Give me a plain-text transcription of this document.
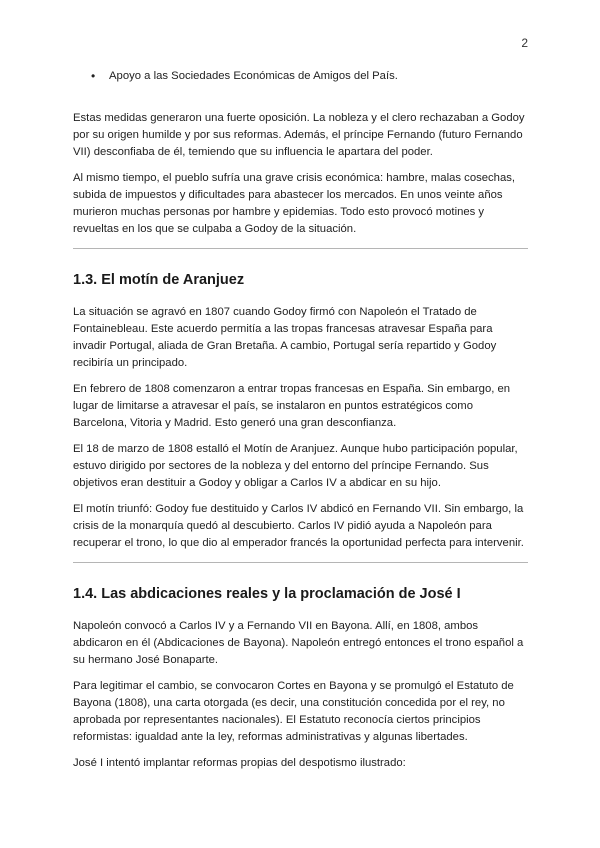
2
• Apoyo a las Sociedades Económicas de Amigos del País.

Estas medidas generaron una fuerte oposición. La nobleza y el clero rechazaban a Godoy por su origen humilde y por sus reformas. Además, el príncipe Fernando (futuro Fernando VII) desconfiaba de él, temiendo que su influencia le apartara del poder.

Al mismo tiempo, el pueblo sufría una grave crisis económica: hambre, malas cosechas, subida de impuestos y dificultades para abastecer los mercados. En unos veinte años murieron muchas personas por hambre y epidemias. Todo esto provocó motines y revueltas en los que se culpaba a Godoy de la situación.

1.3. El motín de Aranjuez

La situación se agravó en 1807 cuando Godoy firmó con Napoleón el Tratado de Fontainebleau. Este acuerdo permitía a las tropas francesas atravesar España para invadir Portugal, aliada de Gran Bretaña. A cambio, Portugal sería repartido y Godoy recibiría un principado.

En febrero de 1808 comenzaron a entrar tropas francesas en España. Sin embargo, en lugar de limitarse a atravesar el país, se instalaron en puntos estratégicos como Barcelona, Vitoria y Madrid. Esto generó una gran desconfianza.

El 18 de marzo de 1808 estalló el Motín de Aranjuez. Aunque hubo participación popular, estuvo dirigido por sectores de la nobleza y del entorno del príncipe Fernando. Sus objetivos eran destituir a Godoy y obligar a Carlos IV a abdicar en su hijo.

El motín triunfó: Godoy fue destituido y Carlos IV abdicó en Fernando VII. Sin embargo, la crisis de la monarquía quedó al descubierto. Carlos IV pidió ayuda a Napoleón para recuperar el trono, lo que dio al emperador francés la oportunidad perfecta para intervenir.

1.4. Las abdicaciones reales y la proclamación de José I

Napoleón convocó a Carlos IV y a Fernando VII en Bayona. Allí, en 1808, ambos abdicaron en él (Abdicaciones de Bayona). Napoleón entregó entonces el trono español a su hermano José Bonaparte.

Para legitimar el cambio, se convocaron Cortes en Bayona y se promulgó el Estatuto de Bayona (1808), una carta otorgada (es decir, una constitución concedida por el rey, no aprobada por representantes nacionales). El Estatuto reconocía ciertos principios reformistas: igualdad ante la ley, reformas administrativas y algunas libertades.

José I intentó implantar reformas propias del despotismo ilustrado:
